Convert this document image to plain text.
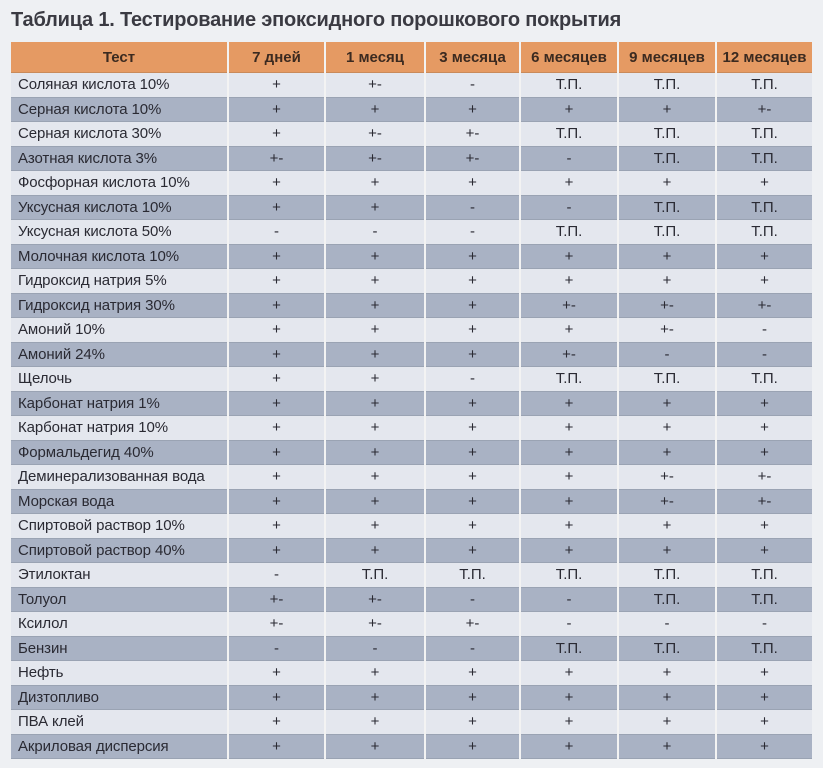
Таблица 1. Тестирование эпоксидного порошкового покрытия
Тест	7 дней	1 месяц	3 месяца	6 месяцев	9 месяцев	12 месяцев
Соляная кислота 10%	+	+-	-	Т.П.	Т.П.	Т.П.
Серная кислота 10%	+	+	+	+	+	+-
Серная кислота 30%	+	+-	+-	Т.П.	Т.П.	Т.П.
Азотная кислота 3%	+-	+-	+-	-	Т.П.	Т.П.
Фосфорная кислота 10%	+	+	+	+	+	+
Уксусная кислота 10%	+	+	-	-	Т.П.	Т.П.
Уксусная кислота 50%	-	-	-	Т.П.	Т.П.	Т.П.
Молочная кислота 10%	+	+	+	+	+	+
Гидроксид натрия 5%	+	+	+	+	+	+
Гидроксид натрия 30%	+	+	+	+-	+-	+-
Амоний 10%	+	+	+	+	+-	-
Амоний 24%	+	+	+	+-	-	-
Щелочь	+	+	-	Т.П.	Т.П.	Т.П.
Карбонат натрия 1%	+	+	+	+	+	+
Карбонат натрия 10%	+	+	+	+	+	+
Формальдегид 40%	+	+	+	+	+	+
Деминерализованная вода	+	+	+	+	+-	+-
Морская вода	+	+	+	+	+-	+-
Спиртовой раствор 10%	+	+	+	+	+	+
Спиртовой раствор 40%	+	+	+	+	+	+
Этилоктан	-	Т.П.	Т.П.	Т.П.	Т.П.	Т.П.
Толуол	+-	+-	-	-	Т.П.	Т.П.
Ксилол	+-	+-	+-	-	-	-
Бензин	-	-	-	Т.П.	Т.П.	Т.П.
Нефть	+	+	+	+	+	+
Дизтопливо	+	+	+	+	+	+
ПВА клей	+	+	+	+	+	+
Акриловая дисперсия	+	+	+	+	+	+
